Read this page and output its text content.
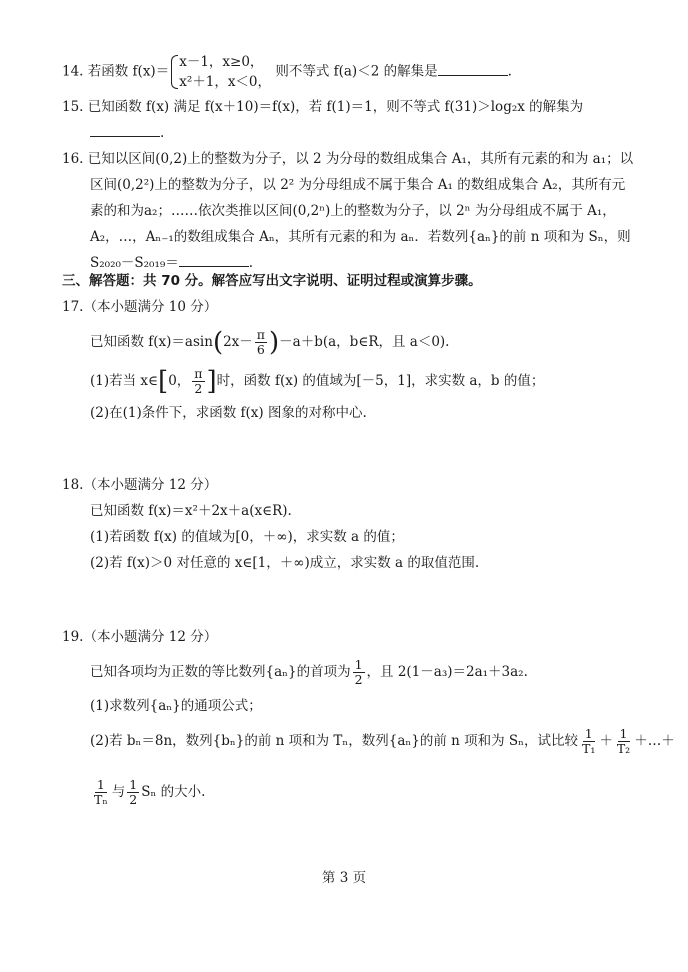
14. 若函数 f(x)＝x－1，x≥0，
x²＋1，x＜0， 则不等式 f(a)＜2 的解集是	.
15. 已知函数 f(x) 满足 f(x＋10)＝f(x)，若 f(1)＝1，则不等式 f(31)＞log₂x 的解集为
.
16. 已知以区间(0,2)上的整数为分子，以 2 为分母的数组成集合 A₁，其所有元素的和为 a₁；以
区间(0,2²)上的整数为分子，以 2² 为分母组成不属于集合 A₁ 的数组成集合 A₂，其所有元
素的和为a₂；……依次类推以区间(0,2ⁿ)上的整数为分子，以 2ⁿ 为分母组成不属于 A₁，
A₂，…，Aₙ₋₁的数组成集合 Aₙ，其所有元素的和为 aₙ．若数列{aₙ}的前 n 项和为 Sₙ，则
S₂₀₂₀－S₂₀₁₉＝	.
三、解答题：共 70 分。解答应写出文字说明、证明过程或演算步骤。
17.（本小题满分 10 分）
已知函数 $f(x)=asin(2x- \frac{\pi}{6} )-a+b(a$，b∈R，且 a＜0).
(1)若当 x∈[0， $\frac{\pi}{2}$ ]时，函数 f(x) 的值域为[－5，1]，求实数 a，b 的值；
(2)在(1)条件下，求函数 f(x) 图象的对称中心.
18.（本小题满分 12 分）
已知函数 f(x)＝x²＋2x＋a(x∈R).
(1)若函数 f(x) 的值域为[0，＋∞)，求实数 a 的值；
(2)若 f(x)＞0 对任意的 x∈[1，＋∞)成立，求实数 a 的取值范围.
19.（本小题满分 12 分）
已知各项均为正数的等比数列{aₙ}的首项为 $\frac{1}{2}$ ，且 2(1－a₃)＝2a₁＋3a₂.
(1)求数列{aₙ}的通项公式；
(2)若 bₙ＝8n，数列{bₙ}的前 n 项和为 Tₙ，数列{aₙ}的前 n 项和为 Sₙ，试比较 $\frac{1}{\text{T₁}} + \frac{1}{\text{T₂}}$ ＋…＋
$\frac{1}{\text{Tₙ}}$ 与 $\frac{1}{2}$ Sₙ 的大小.
第 3 页
